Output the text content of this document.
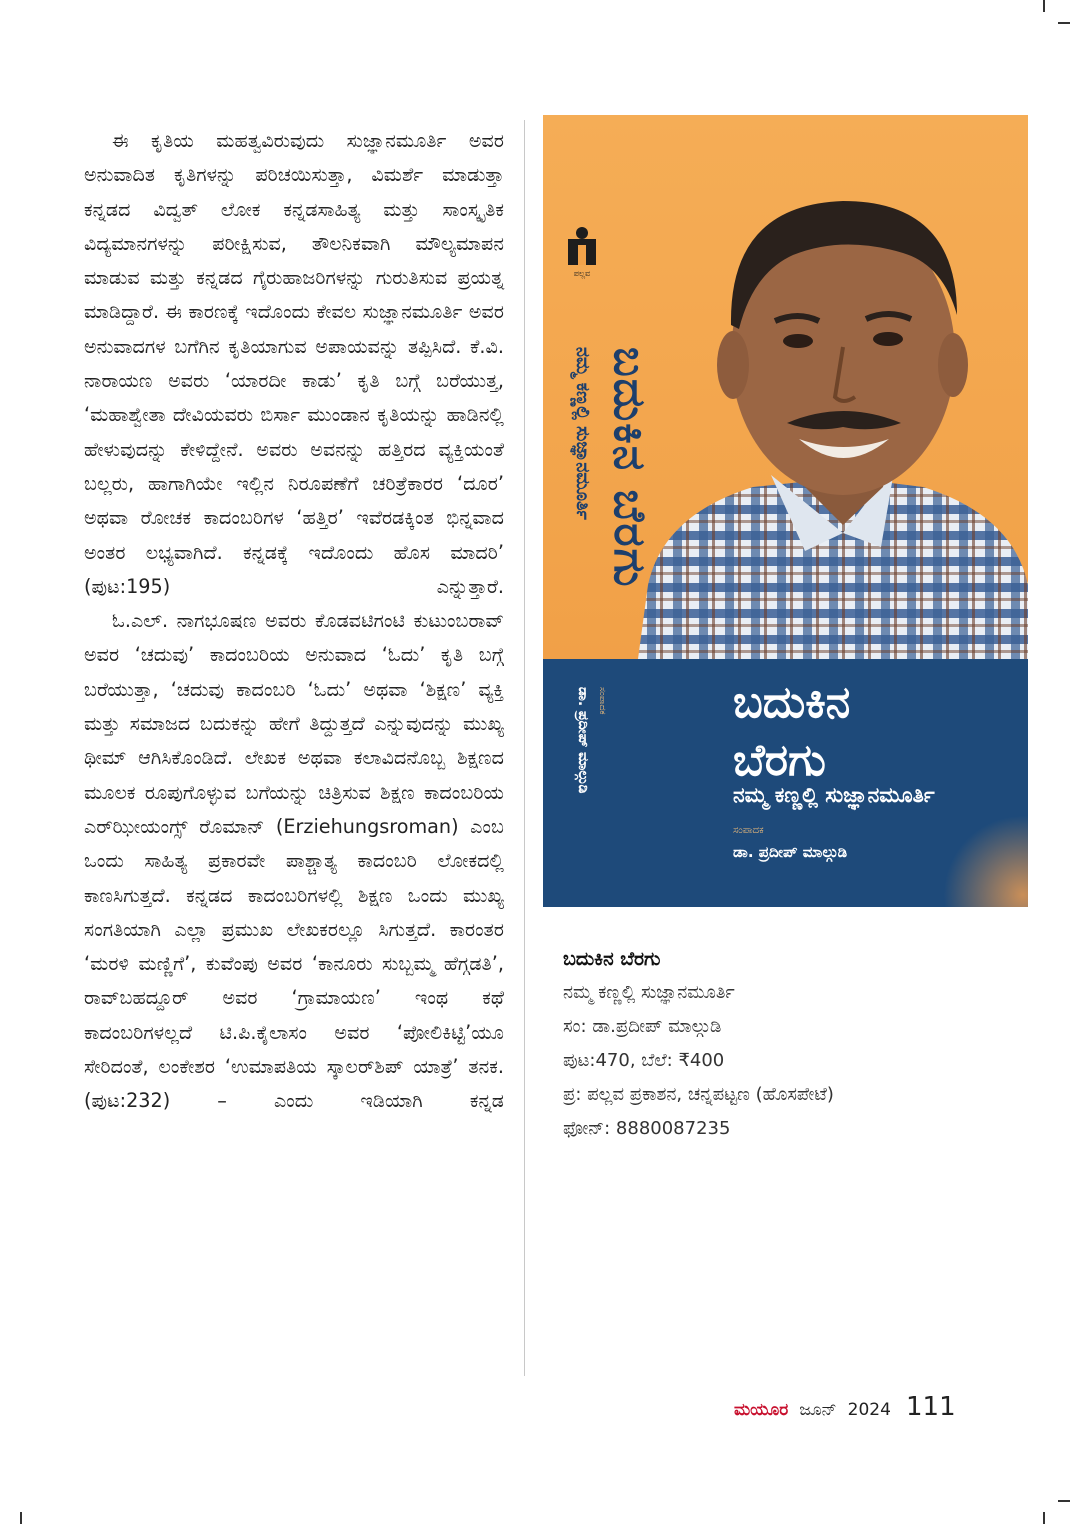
ಈ ಕೃತಿಯ ಮಹತ್ವವಿರುವುದು ಸುಜ್ಞಾನಮೂರ್ತಿ ಅವರ ಅನುವಾದಿತ ಕೃತಿಗಳನ್ನು ಪರಿಚಯಿಸುತ್ತಾ, ವಿಮರ್ಶೆ ಮಾಡುತ್ತಾ ಕನ್ನಡದ ವಿದ್ವತ್ ಲೋಕ ಕನ್ನಡಸಾಹಿತ್ಯ ಮತ್ತು ಸಾಂಸ್ಕೃತಿಕ ವಿದ್ಯಮಾನಗಳನ್ನು ಪರೀಕ್ಷಿಸುವ, ತೌಲನಿಕವಾಗಿ ಮೌಲ್ಯಮಾಪನ ಮಾಡುವ ಮತ್ತು ಕನ್ನಡದ ಗೈರುಹಾಜರಿಗಳನ್ನು ಗುರುತಿಸುವ ಪ್ರಯತ್ನ ಮಾಡಿದ್ದಾರೆ. ಈ ಕಾರಣಕ್ಕೆ ಇದೊಂದು ಕೇವಲ ಸುಜ್ಞಾನಮೂರ್ತಿ ಅವರ ಅನುವಾದಗಳ ಬಗೆಗಿನ ಕೃತಿಯಾಗುವ ಅಪಾಯವನ್ನು ತಪ್ಪಿಸಿದೆ. ಕೆ.ವಿ. ನಾರಾಯಣ ಅವರು ‘ಯಾರದೀ ಕಾಡು’ ಕೃತಿ ಬಗ್ಗೆ ಬರೆಯುತ್ತ, ‘ಮಹಾಶ್ವೇತಾ ದೇವಿಯವರು ಬಿರ್ಸಾ ಮುಂಡಾನ ಕೃತಿಯನ್ನು ಹಾಡಿನಲ್ಲಿ ಹೇಳುವುದನ್ನು ಕೇಳಿದ್ದೇನೆ. ಅವರು ಅವನನ್ನು ಹತ್ತಿರದ ವ್ಯಕ್ತಿಯಂತೆ ಬಲ್ಲರು, ಹಾಗಾಗಿಯೇ ಇಲ್ಲಿನ ನಿರೂಪಣೆಗೆ ಚರಿತ್ರೆಕಾರರ ‘ದೂರ’ ಅಥವಾ ರೋಚಕ ಕಾದಂಬರಿಗಳ ‘ಹತ್ತಿರ’ ಇವೆರಡಕ್ಕಿಂತ ಭಿನ್ನವಾದ ಅಂತರ ಲಭ್ಯವಾಗಿದೆ. ಕನ್ನಡಕ್ಕೆ ಇದೊಂದು ಹೊಸ ಮಾದರಿ’ (ಪುಟ:195) ಎನ್ನುತ್ತಾರೆ.

ಓ.ಎಲ್. ನಾಗಭೂಷಣ ಅವರು ಕೊಡವಟಿಗಂಟಿ ಕುಟುಂಬರಾವ್ ಅವರ ‘ಚದುವು’ ಕಾದಂಬರಿಯ ಅನುವಾದ ‘ಓದು’ ಕೃತಿ ಬಗ್ಗೆ ಬರೆಯುತ್ತಾ, ‘ಚದುವು ಕಾದಂಬರಿ ‘ಓದು’ ಅಥವಾ ‘ಶಿಕ್ಷಣ’ ವ್ಯಕ್ತಿ ಮತ್ತು ಸಮಾಜದ ಬದುಕನ್ನು ಹೇಗೆ ತಿದ್ದುತ್ತದೆ ಎನ್ನುವುದನ್ನು ಮುಖ್ಯ ಥೀಮ್ ಆಗಿಸಿಕೊಂಡಿದೆ. ಲೇಖಕ ಅಥವಾ ಕಲಾವಿದನೊಬ್ಬ ಶಿಕ್ಷಣದ ಮೂಲಕ ರೂಪುಗೊಳ್ಳುವ ಬಗೆಯನ್ನು ಚಿತ್ರಿಸುವ ಶಿಕ್ಷಣ ಕಾದಂಬರಿಯ ಎರ್‌ಝೀಯಂಗ್ಸ್ ರೊಮಾನ್ (Erziehungsroman) ಎಂಬ ಒಂದು ಸಾಹಿತ್ಯ ಪ್ರಕಾರವೇ ಪಾಶ್ಚಾತ್ಯ ಕಾದಂಬರಿ ಲೋಕದಲ್ಲಿ ಕಾಣಸಿಗುತ್ತದೆ. ಕನ್ನಡದ ಕಾದಂಬರಿಗಳಲ್ಲಿ ಶಿಕ್ಷಣ ಒಂದು ಮುಖ್ಯ ಸಂಗತಿಯಾಗಿ ಎಲ್ಲಾ ಪ್ರಮುಖ ಲೇಖಕರಲ್ಲೂ ಸಿಗುತ್ತದೆ. ಕಾರಂತರ ‘ಮರಳಿ ಮಣ್ಣಿಗೆ’, ಕುವೆಂಪು ಅವರ ‘ಕಾನೂರು ಸುಬ್ಬಮ್ಮ ಹೆಗ್ಗಡತಿ’, ರಾವ್‌ಬಹದ್ದೂರ್ ಅವರ ‘ಗ್ರಾಮಾಯಣ’ ಇಂಥ ಕಥೆ ಕಾದಂಬರಿಗಳಲ್ಲದೆ ಟಿ.ಪಿ.ಕೈಲಾಸಂ ಅವರ ‘ಪೋಲಿಕಿಟ್ಟಿ’ಯೂ ಸೇರಿದಂತೆ, ಲಂಕೇಶರ ‘ಉಮಾಪತಿಯ ಸ್ಕಾಲರ್‌ಶಿಪ್ ಯಾತ್ರೆ’ ತನಕ. (ಪುಟ:232) – ಎಂದು ಇಡಿಯಾಗಿ ಕನ್ನಡ

ಪಲ್ಲವ
ಬದುಕಿನ ಬೆರಗು
ನಮ್ಮ ಕಣ್ಣಲ್ಲಿ ಸುಜ್ಞಾನಮೂರ್ತಿ
ಸಂಪಾದಕ
ಡಾ. ಪ್ರದೀಪ್ ಮಾಲ್ಗುಡಿ	ಬದುಕಿನ
ಬೆರಗು
ನಮ್ಮ ಕಣ್ಣಲ್ಲಿ ಸುಜ್ಞಾನಮೂರ್ತಿ
ಸಂಪಾದಕ
ಡಾ. ಪ್ರದೀಪ್ ಮಾಲ್ಗುಡಿ
ಬದುಕಿನ ಬೆರಗು
ನಮ್ಮ ಕಣ್ಣಲ್ಲಿ ಸುಜ್ಞಾನಮೂರ್ತಿ
ಸಂ: ಡಾ.ಪ್ರದೀಪ್ ಮಾಲ್ಗುಡಿ
ಪುಟ:470, ಬೆಲೆ: ₹400
ಪ್ರ: ಪಲ್ಲವ ಪ್ರಕಾಶನ, ಚನ್ನಪಟ್ಟಣ (ಹೊಸಪೇಟೆ)
ಫೋನ್: 8880087235
ಮಯೂರ ಜೂನ್ 2024 111
